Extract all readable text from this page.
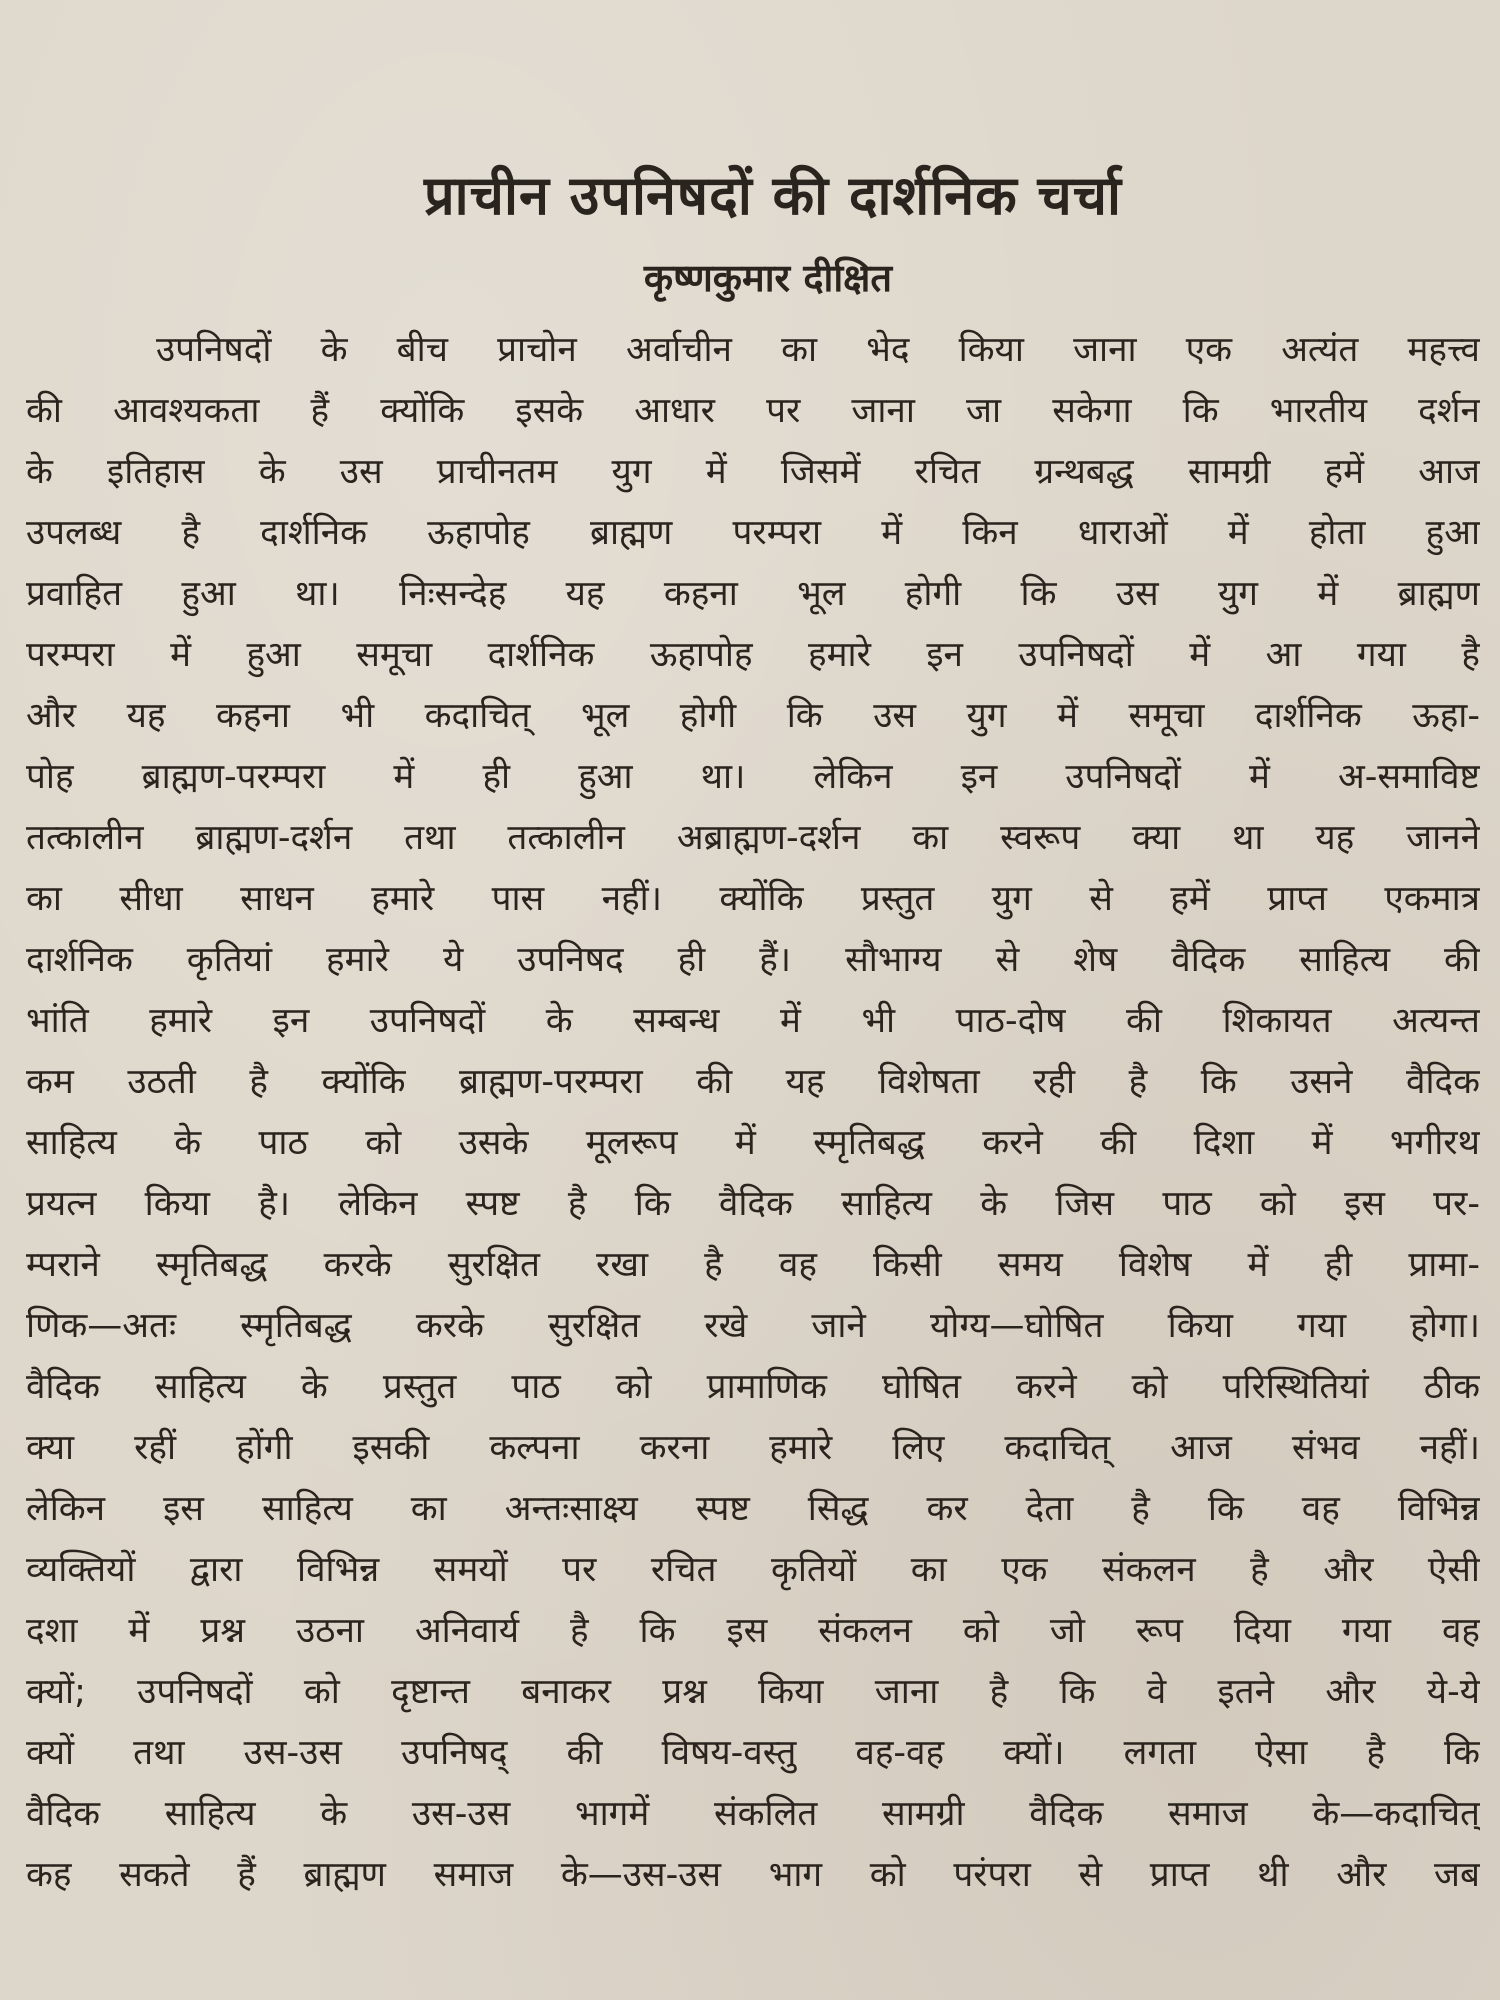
प्राचीन उपनिषदों की दार्शनिक चर्चा
कृष्णकुमार दीक्षित
उपनिषदों के बीच प्राचोन अर्वाचीन का भेद किया जाना एक अत्यंत महत्त्व
की आवश्यकता हैं क्योंकि इसके आधार पर जाना जा सकेगा कि भारतीय दर्शन
के इतिहास के उस प्राचीनतम युग में जिसमें रचित ग्रन्थबद्ध सामग्री हमें आज
उपलब्ध है दार्शनिक ऊहापोह ब्राह्मण परम्परा में किन धाराओं में होता हुआ
प्रवाहित हुआ था। निःसन्देह यह कहना भूल होगी कि उस युग में ब्राह्मण
परम्परा में हुआ समूचा दार्शनिक ऊहापोह हमारे इन उपनिषदों में आ गया है
और यह कहना भी कदाचित् भूल होगी कि उस युग में समूचा दार्शनिक ऊहा-
पोह ब्राह्मण-परम्परा में ही हुआ था। लेकिन इन उपनिषदों में अ-समाविष्ट
तत्कालीन ब्राह्मण-दर्शन तथा तत्कालीन अब्राह्मण-दर्शन का स्वरूप क्या था यह जानने
का सीधा साधन हमारे पास नहीं। क्योंकि प्रस्तुत युग से हमें प्राप्त एकमात्र
दार्शनिक कृतियां हमारे ये उपनिषद ही हैं। सौभाग्य से शेष वैदिक साहित्य की
भांति हमारे इन उपनिषदों के सम्बन्ध में भी पाठ-दोष की शिकायत अत्यन्त
कम उठती है क्योंकि ब्राह्मण-परम्परा की यह विशेषता रही है कि उसने वैदिक
साहित्य के पाठ को उसके मूलरूप में स्मृतिबद्ध करने की दिशा में भगीरथ
प्रयत्न किया है। लेकिन स्पष्ट है कि वैदिक साहित्य के जिस पाठ को इस पर-
म्पराने स्मृतिबद्ध करके सुरक्षित रखा है वह किसी समय विशेष में ही प्रामा-
णिक—अतः स्मृतिबद्ध करके सुरक्षित रखे जाने योग्य—घोषित किया गया होगा।
वैदिक साहित्य के प्रस्तुत पाठ को प्रामाणिक घोषित करने को परिस्थितियां ठीक
क्या रहीं होंगी इसकी कल्पना करना हमारे लिए कदाचित् आज संभव नहीं।
लेकिन इस साहित्य का अन्तःसाक्ष्य स्पष्ट सिद्ध कर देता है कि वह विभिन्न
व्यक्तियों द्वारा विभिन्न समयों पर रचित कृतियों का एक संकलन है और ऐसी
दशा में प्रश्न उठना अनिवार्य है कि इस संकलन को जो रूप दिया गया वह
क्यों; उपनिषदों को दृष्टान्त बनाकर प्रश्न किया जाना है कि वे इतने और ये-ये
क्यों तथा उस-उस उपनिषद् की विषय-वस्तु वह-वह क्यों। लगता ऐसा है कि
वैदिक साहित्य के उस-उस भागमें संकलित सामग्री वैदिक समाज के—कदाचित्
कह सकते हैं ब्राह्मण समाज के—उस-उस भाग को परंपरा से प्राप्त थी और जब
